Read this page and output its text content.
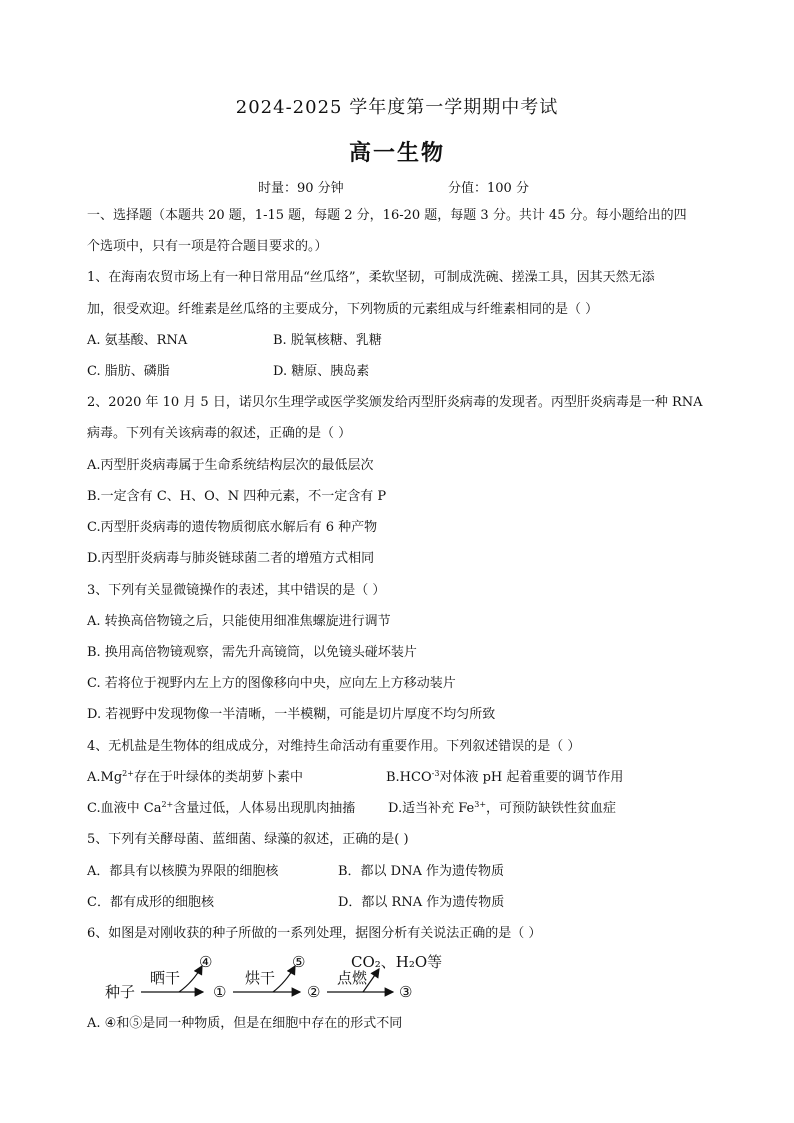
2024-2025 学年度第一学期期中考试
高一生物
时量：90 分钟	分值：100 分
一、选择题（本题共 20 题，1-15 题，每题 2 分，16-20 题，每题 3 分。共计 45 分。每小题给出的四
个选项中，只有一项是符合题目要求的。）
1、在海南农贸市场上有一种日常用品“丝瓜络”，柔软坚韧，可制成洗碗、搓澡工具，因其天然无添
加，很受欢迎。纤维素是丝瓜络的主要成分，下列物质的元素组成与纤维素相同的是（ ）
A. 氨基酸、RNA	B. 脱氧核糖、乳糖
C. 脂肪、磷脂	D. 糖原、胰岛素
2、2020 年 10 月 5 日，诺贝尔生理学或医学奖颁发给丙型肝炎病毒的发现者。丙型肝炎病毒是一种 RNA
病毒。下列有关该病毒的叙述，正确的是（ ）
A.丙型肝炎病毒属于生命系统结构层次的最低层次
B.一定含有 C、H、O、N 四种元素，不一定含有 P
C.丙型肝炎病毒的遗传物质彻底水解后有 6 种产物
D.丙型肝炎病毒与肺炎链球菌二者的增殖方式相同
3、下列有关显微镜操作的表述，其中错误的是（ ）
A. 转换高倍物镜之后，只能使用细准焦螺旋进行调节
B. 换用高倍物镜观察，需先升高镜筒，以免镜头碰坏装片
C. 若将位于视野内左上方的图像移向中央，应向左上方移动装片
D. 若视野中发现物像一半清晰，一半模糊，可能是切片厚度不均匀所致
4、无机盐是生物体的组成成分，对维持生命活动有重要作用。下列叙述错误的是（ ）
$A.Mg^{2+}$存在于叶绿体的类胡萝卜素中	$B.HCO^{-3}$对体液 pH 起着重要的调节作用
C.血液中 $Ca^{2+}$含量过低，人体易出现肌肉抽搐	D.适当补充 $Fe^{3+}$，可预防缺铁性贫血症
5、下列有关酵母菌、蓝细菌、绿藻的叙述，正确的是( )
A．都具有以核膜为界限的细胞核	B．都以 DNA 作为遗传物质
C．都有成形的细胞核	D．都以 RNA 作为遗传物质
6、如图是对刚收获的种子所做的一系列处理，据图分析有关说法正确的是（ ）
种子
晒干
④
①
烘干
⑤
②
点燃
CO₂、H₂O等
③
A. ④和⑤是同一种物质，但是在细胞中存在的形式不同
